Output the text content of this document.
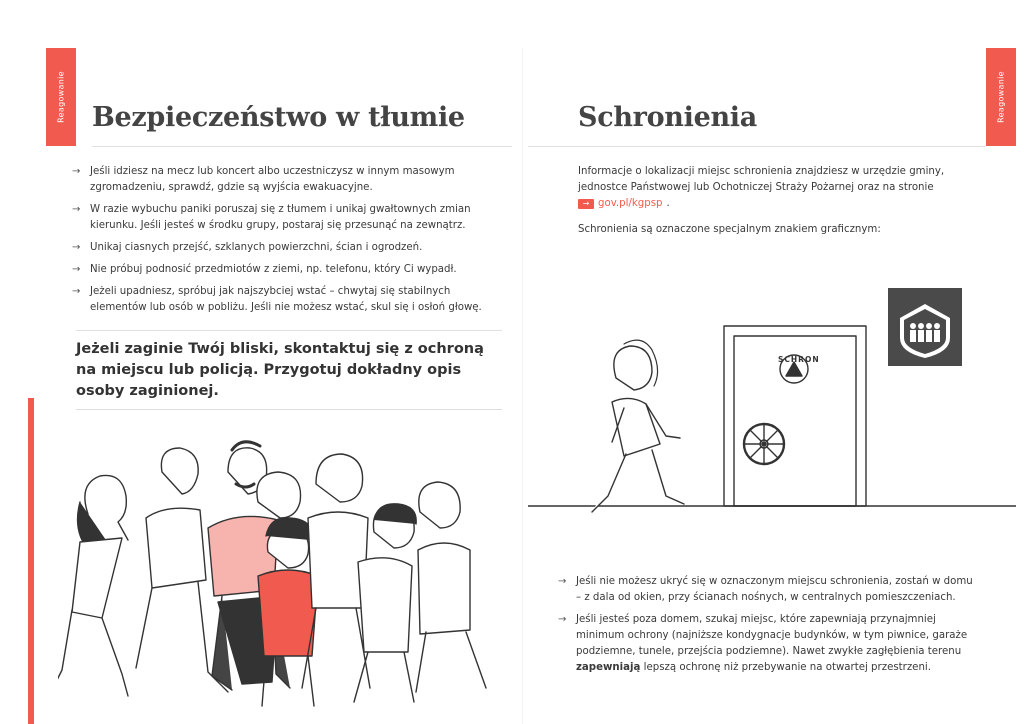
Reagowanie Bezpieczeństwo w tłumie
→ Jeśli idziesz na mecz lub koncert albo uczestniczysz w innym masowym zgromadzeniu, sprawdź, gdzie są wyjścia ewakuacyjne.
→ W razie wybuchu paniki poruszaj się z tłumem i unikaj gwałtownych zmian kierunku. Jeśli jesteś w środku grupy, postaraj się przesunąć na zewnątrz.
→ Unikaj ciasnych przejść, szklanych powierzchni, ścian i ogrodzeń.
→ Nie próbuj podnosić przedmiotów z ziemi, np. telefonu, który Ci wypadł.
→ Jeżeli upadniesz, spróbuj jak najszybciej wstać – chwytaj się stabilnych elementów lub osób w pobliżu. Jeśli nie możesz wstać, skul się i osłoń głowę.

Jeżeli zaginie Twój bliski, skontaktuj się z ochroną na miejscu lub policją. Przygotuj dokładny opis osoby zaginionej.

Reagowanie
Schronienia
Informacje o lokalizacji miejsc schronienia znajdziesz w urzędzie gminy, jednostce Państwowej lub Ochotniczej Straży Pożarnej oraz na stronie
→ gov.pl/kgpsp .

Schronienia są oznaczone specjalnym znakiem graficznym:

SCHRON
→ Jeśli nie możesz ukryć się w oznaczonym miejscu schronienia, zostań w domu – z dala od okien, przy ścianach nośnych, w centralnych pomieszczeniach.
→ Jeśli jesteś poza domem, szukaj miejsc, które zapewniają przynajmniej minimum ochrony (najniższe kondygnacje budynków, w tym piwnice, garaże podziemne, tunele, przejścia podziemne). Nawet zwykłe zagłębienia terenu zapewniają lepszą ochronę niż przebywanie na otwartej przestrzeni.
